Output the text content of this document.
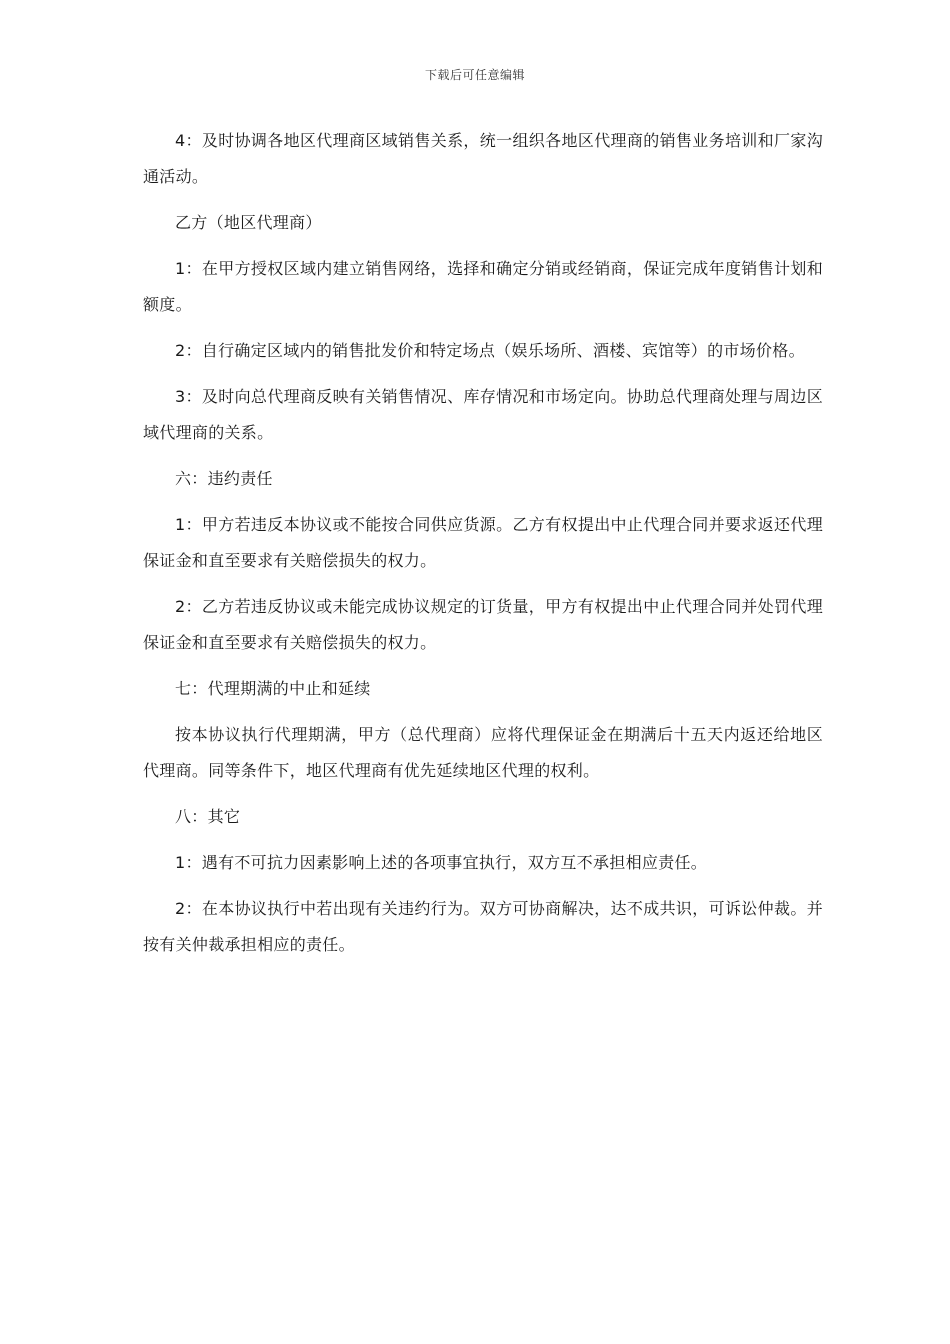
下载后可任意编辑

4：及时协调各地区代理商区域销售关系，统一组织各地区代理商的销售业务培训和厂家沟通活动。

乙方（地区代理商）

1：在甲方授权区域内建立销售网络，选择和确定分销或经销商，保证完成年度销售计划和额度。

2：自行确定区域内的销售批发价和特定场点（娱乐场所、酒楼、宾馆等）的市场价格。

3：及时向总代理商反映有关销售情况、库存情况和市场定向。协助总代理商处理与周边区域代理商的关系。

六：违约责任

1：甲方若违反本协议或不能按合同供应货源。乙方有权提出中止代理合同并要求返还代理保证金和直至要求有关赔偿损失的权力。

2：乙方若违反协议或未能完成协议规定的订货量，甲方有权提出中止代理合同并处罚代理保证金和直至要求有关赔偿损失的权力。

七：代理期满的中止和延续

按本协议执行代理期满，甲方（总代理商）应将代理保证金在期满后十五天内返还给地区代理商。同等条件下，地区代理商有优先延续地区代理的权利。

八：其它

1：遇有不可抗力因素影响上述的各项事宜执行，双方互不承担相应责任。

2：在本协议执行中若出现有关违约行为。双方可协商解决，达不成共识，可诉讼仲裁。并按有关仲裁承担相应的责任。
